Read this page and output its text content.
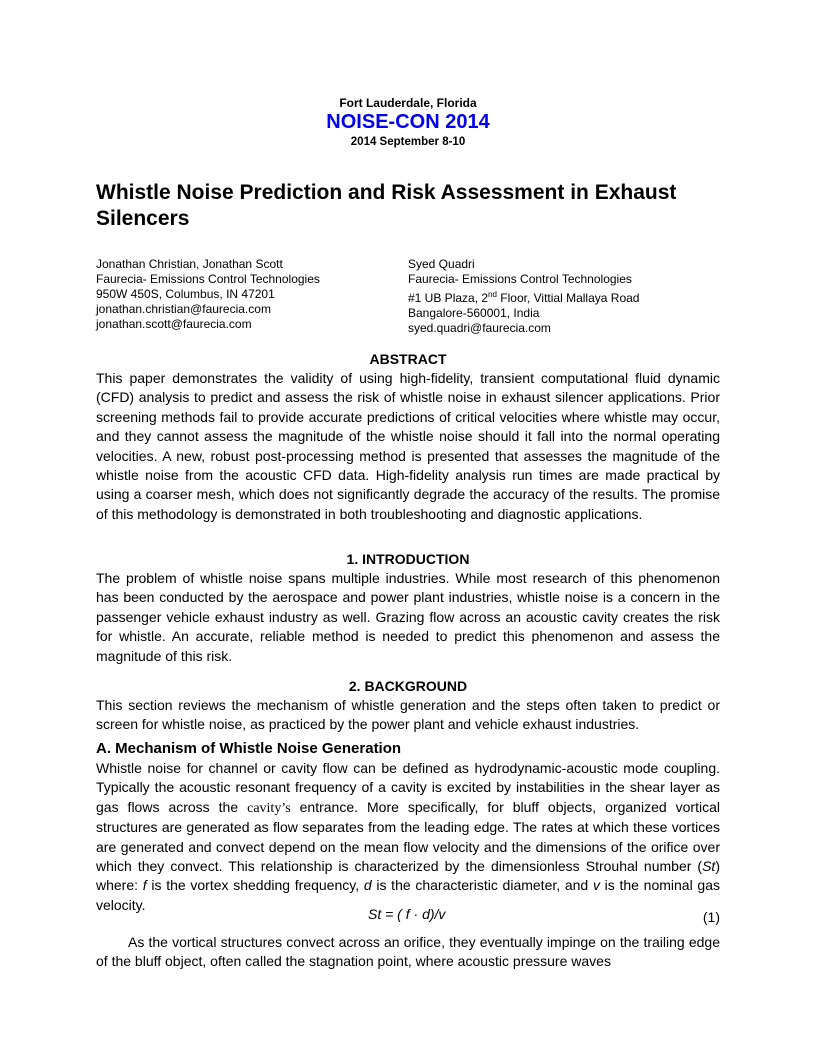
Fort Lauderdale, Florida
NOISE-CON 2014
2014 September 8-10
Whistle Noise Prediction and Risk Assessment in Exhaust Silencers
Jonathan Christian, Jonathan Scott
Faurecia- Emissions Control Technologies
950W 450S, Columbus, IN 47201
jonathan.christian@faurecia.com
jonathan.scott@faurecia.com
Syed Quadri
Faurecia- Emissions Control Technologies
#1 UB Plaza, 2nd Floor, Vittial Mallaya Road
Bangalore-560001, India
syed.quadri@faurecia.com
ABSTRACT
This paper demonstrates the validity of using high-fidelity, transient computational fluid dynamic (CFD) analysis to predict and assess the risk of whistle noise in exhaust silencer applications. Prior screening methods fail to provide accurate predictions of critical velocities where whistle may occur, and they cannot assess the magnitude of the whistle noise should it fall into the normal operating velocities. A new, robust post-processing method is presented that assesses the magnitude of the whistle noise from the acoustic CFD data. High-fidelity analysis run times are made practical by using a coarser mesh, which does not significantly degrade the accuracy of the results. The promise of this methodology is demonstrated in both troubleshooting and diagnostic applications.
1. INTRODUCTION
The problem of whistle noise spans multiple industries. While most research of this phenomenon has been conducted by the aerospace and power plant industries, whistle noise is a concern in the passenger vehicle exhaust industry as well. Grazing flow across an acoustic cavity creates the risk for whistle. An accurate, reliable method is needed to predict this phenomenon and assess the magnitude of this risk.
2. BACKGROUND
This section reviews the mechanism of whistle generation and the steps often taken to predict or screen for whistle noise, as practiced by the power plant and vehicle exhaust industries.
A. Mechanism of Whistle Noise Generation
Whistle noise for channel or cavity flow can be defined as hydrodynamic-acoustic mode coupling. Typically the acoustic resonant frequency of a cavity is excited by instabilities in the shear layer as gas flows across the cavity’s entrance. More specifically, for bluff objects, organized vortical structures are generated as flow separates from the leading edge. The rates at which these vortices are generated and convect depend on the mean flow velocity and the dimensions of the orifice over which they convect. This relationship is characterized by the dimensionless Strouhal number (St) where: f is the vortex shedding frequency, d is the characteristic diameter, and v is the nominal gas velocity.
St = ( f · d)/v	(1)
As the vortical structures convect across an orifice, they eventually impinge on the trailing edge of the bluff object, often called the stagnation point, where acoustic pressure waves
